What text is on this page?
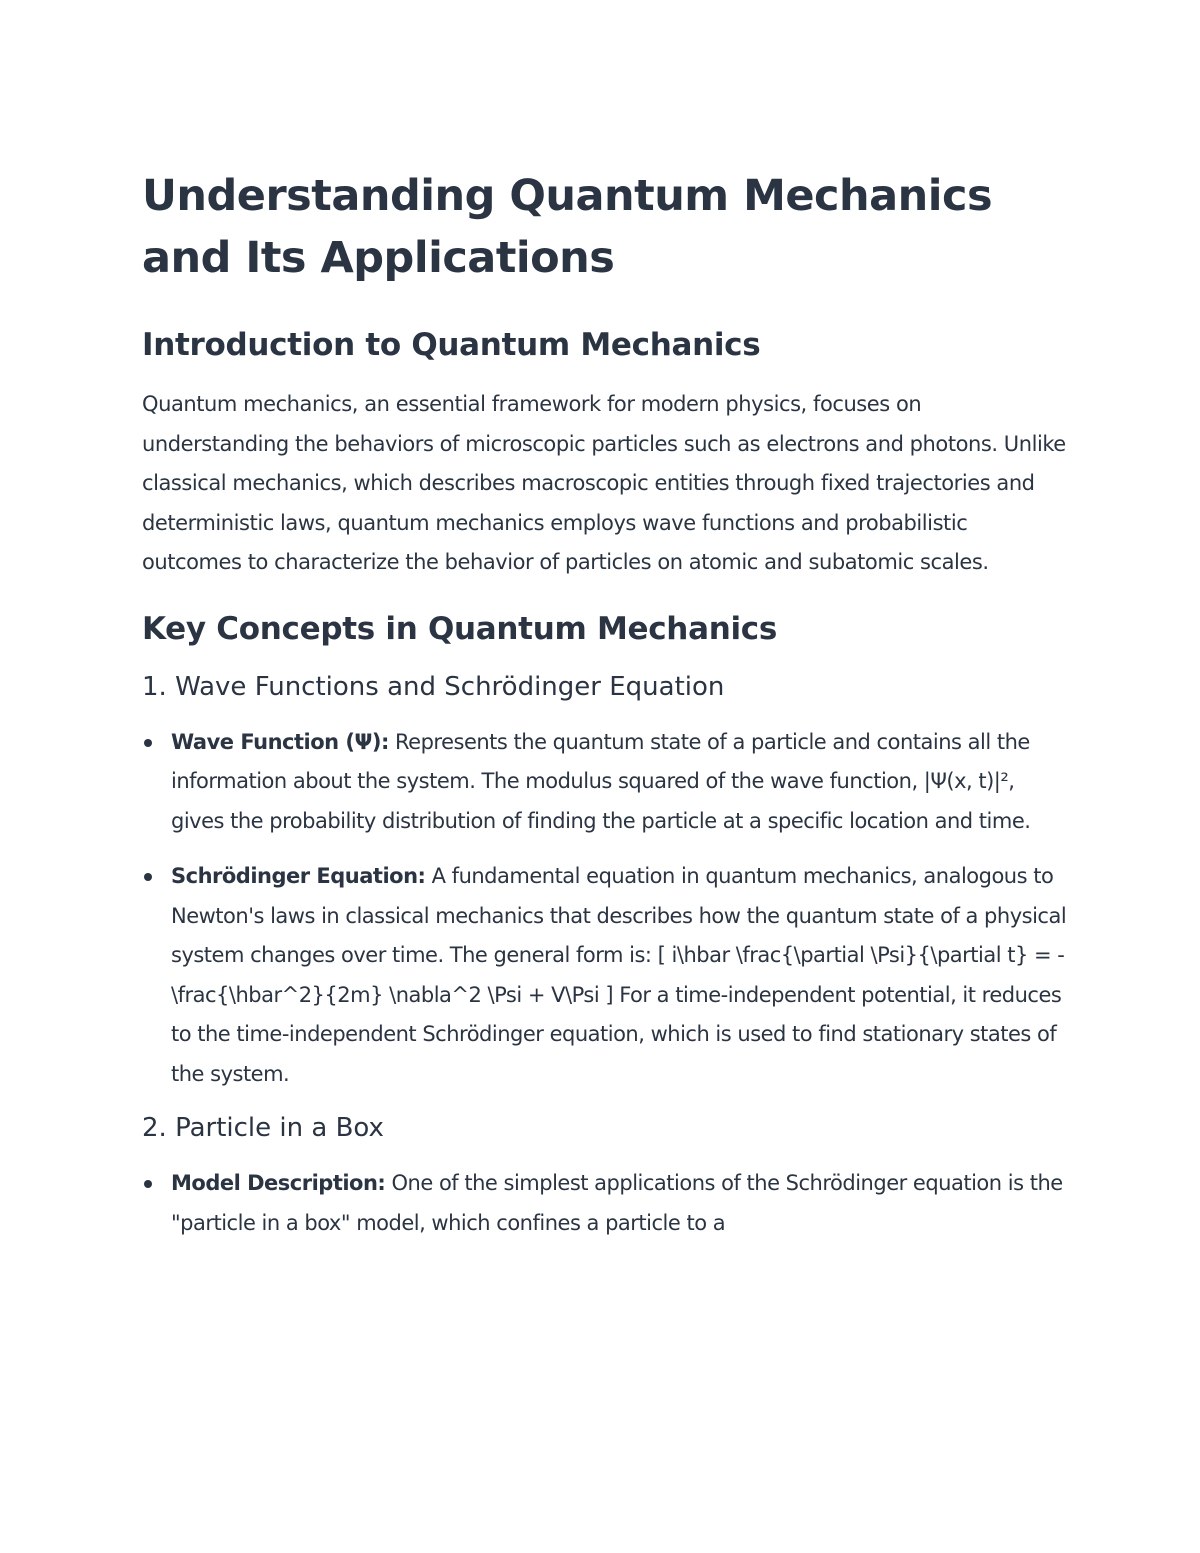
Understanding Quantum Mechanics and Its Applications
Introduction to Quantum Mechanics

Quantum mechanics, an essential framework for modern physics, focuses on understanding the behaviors of microscopic particles such as electrons and photons. Unlike classical mechanics, which describes macroscopic entities through fixed trajectories and deterministic laws, quantum mechanics employs wave functions and probabilistic outcomes to characterize the behavior of particles on atomic and subatomic scales.

Key Concepts in Quantum Mechanics
1. Wave Functions and Schrödinger Equation
Wave Function (Ψ): Represents the quantum state of a particle and contains all the information about the system. The modulus squared of the wave function, |Ψ(x, t)|², gives the probability distribution of finding the particle at a specific location and time.
Schrödinger Equation: A fundamental equation in quantum mechanics, analogous to Newton's laws in classical mechanics that describes how the quantum state of a physical system changes over time. The general form is: [ i\hbar \frac{\partial \Psi}{\partial t} = -\frac{\hbar^2}{2m} \nabla^2 \Psi + V\Psi ] For a time-independent potential, it reduces to the time-independent Schrödinger equation, which is used to find stationary states of the system.
2. Particle in a Box
Model Description: One of the simplest applications of the Schrödinger equation is the "particle in a box" model, which confines a particle to a
